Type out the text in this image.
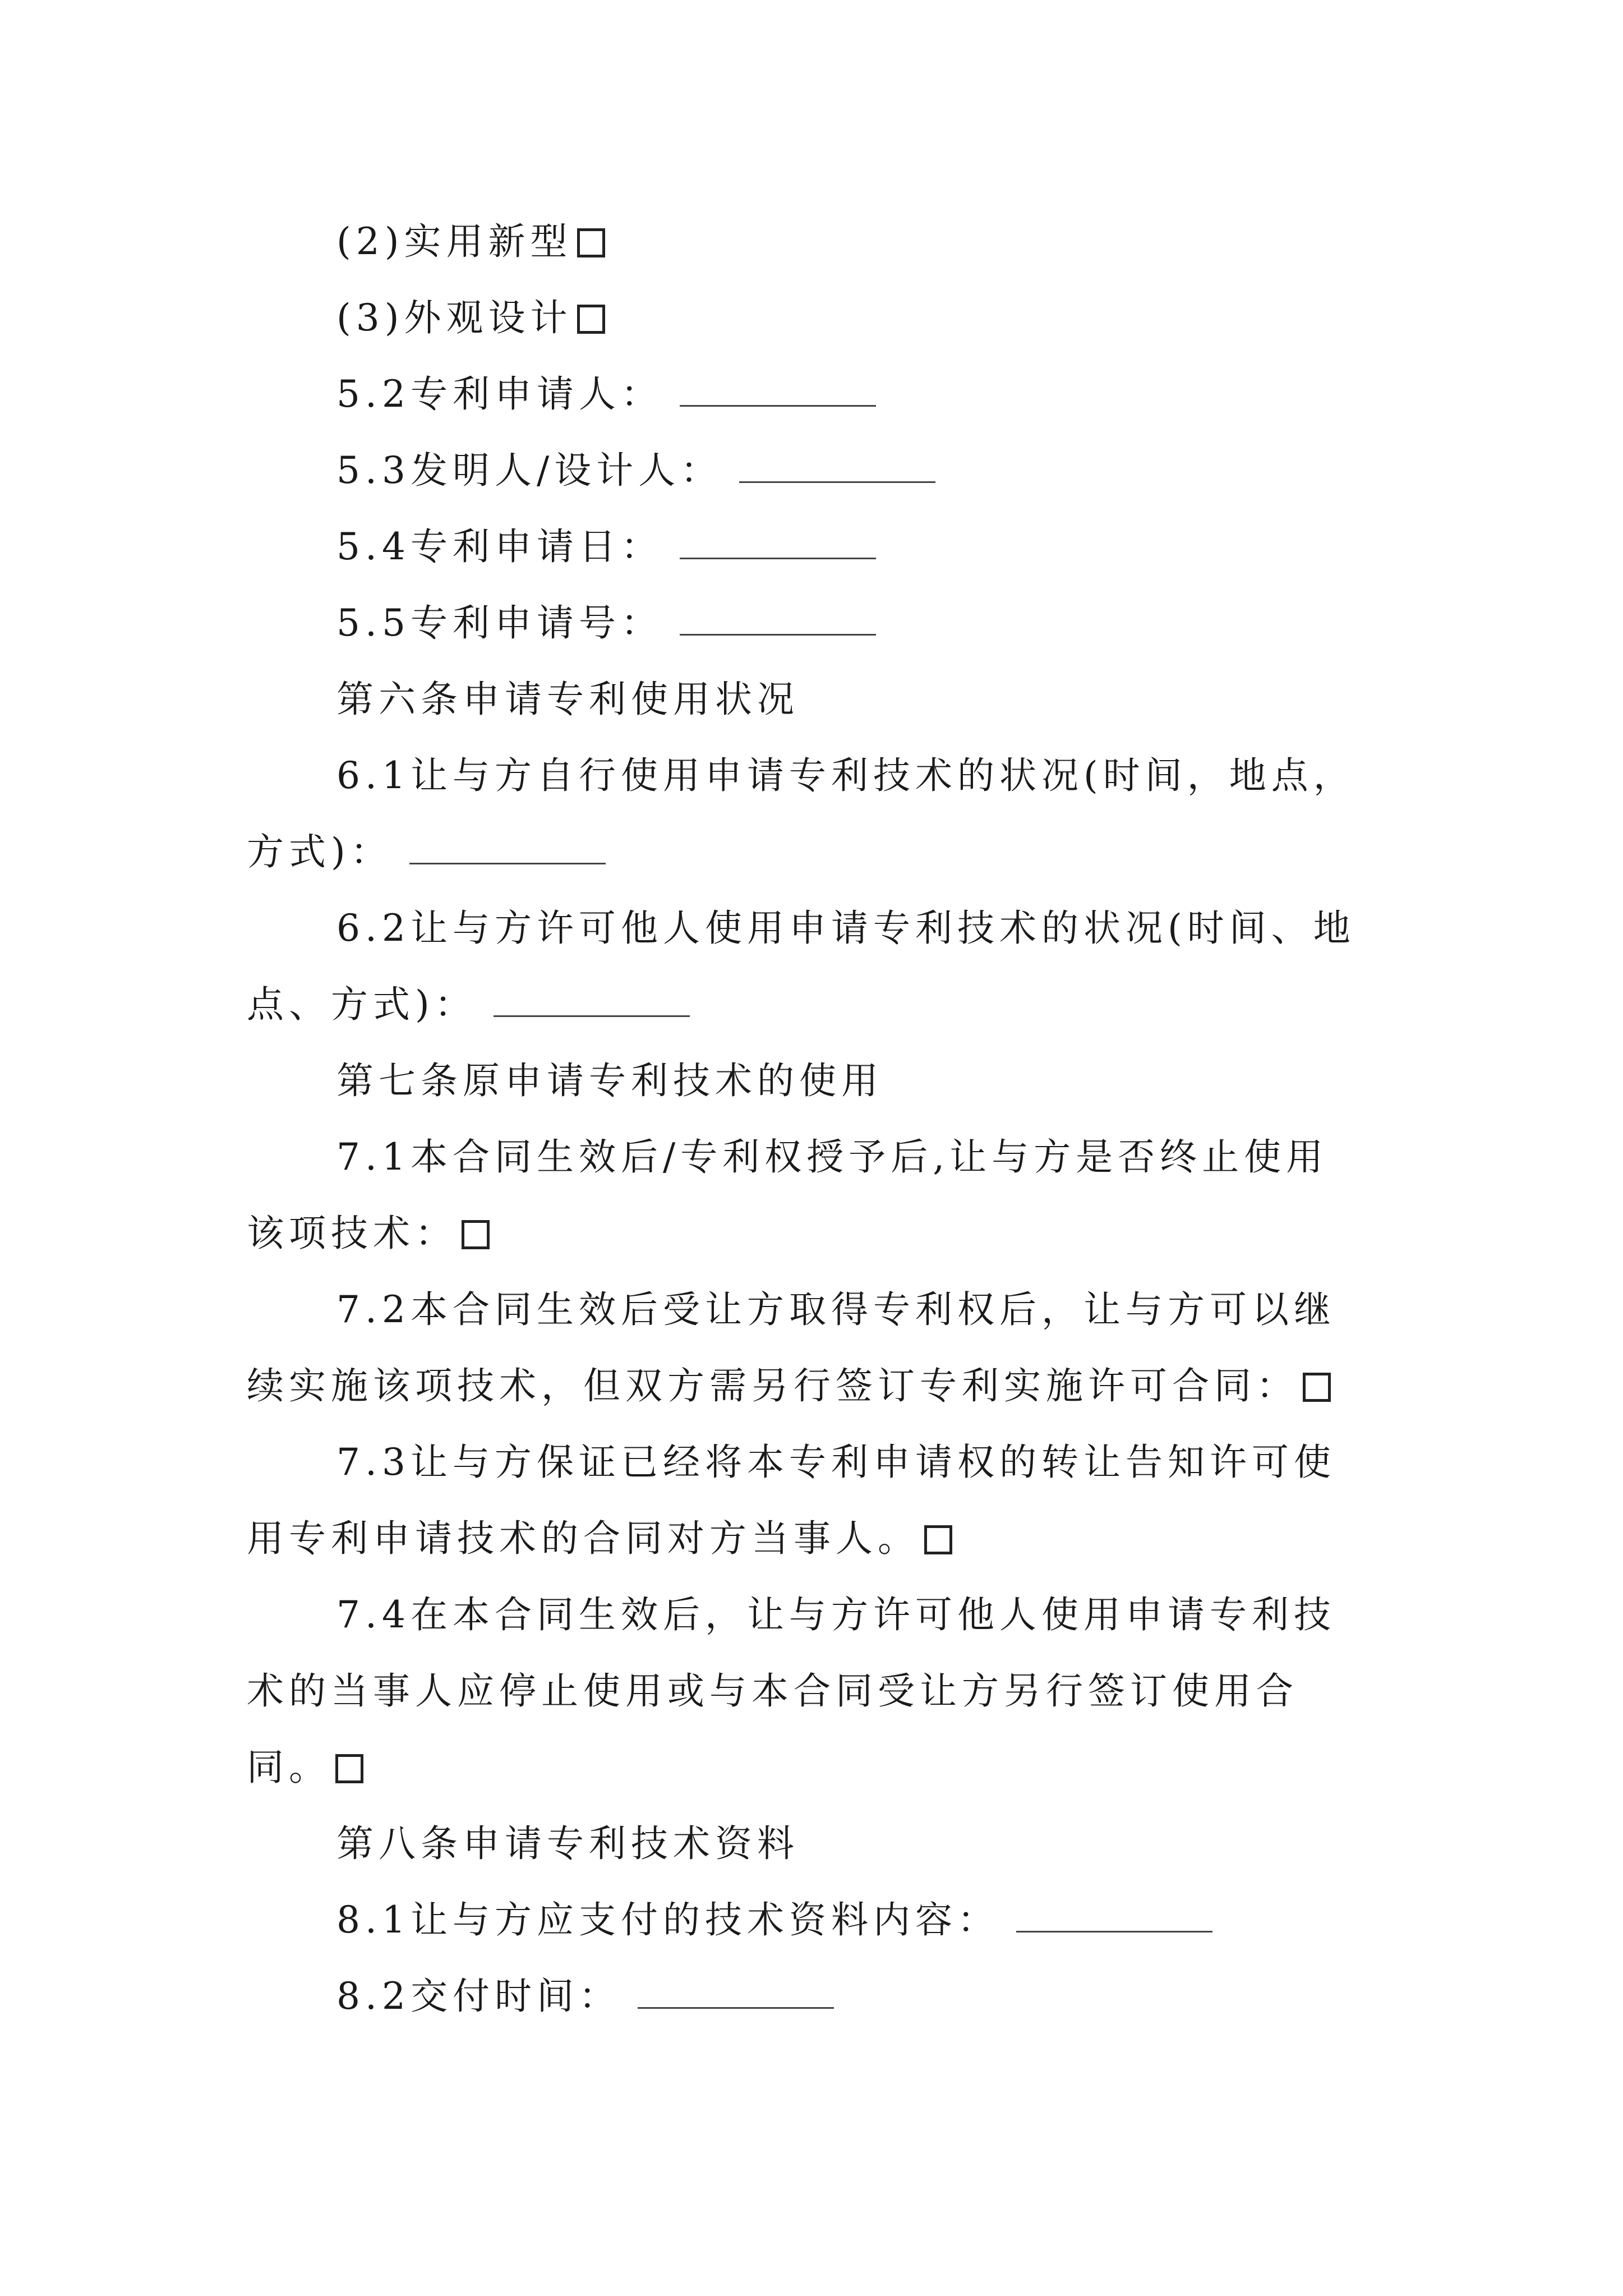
(2)实用新型
(3)外观设计
5.2专利申请人：
5.3发明人/设计人：
5.4专利申请日：
5.5专利申请号：
第六条申请专利使用状况
6.1让与方自行使用申请专利技术的状况(时间，地点，
方式)：
6.2让与方许可他人使用申请专利技术的状况(时间、地
点、方式)：
第七条原申请专利技术的使用
7.1本合同生效后/专利权授予后,让与方是否终止使用
该项技术：
7.2本合同生效后受让方取得专利权后，让与方可以继
续实施该项技术，但双方需另行签订专利实施许可合同：
7.3让与方保证已经将本专利申请权的转让告知许可使
用专利申请技术的合同对方当事人。
7.4在本合同生效后，让与方许可他人使用申请专利技
术的当事人应停止使用或与本合同受让方另行签订使用合
同。
第八条申请专利技术资料
8.1让与方应支付的技术资料内容：
8.2交付时间：
